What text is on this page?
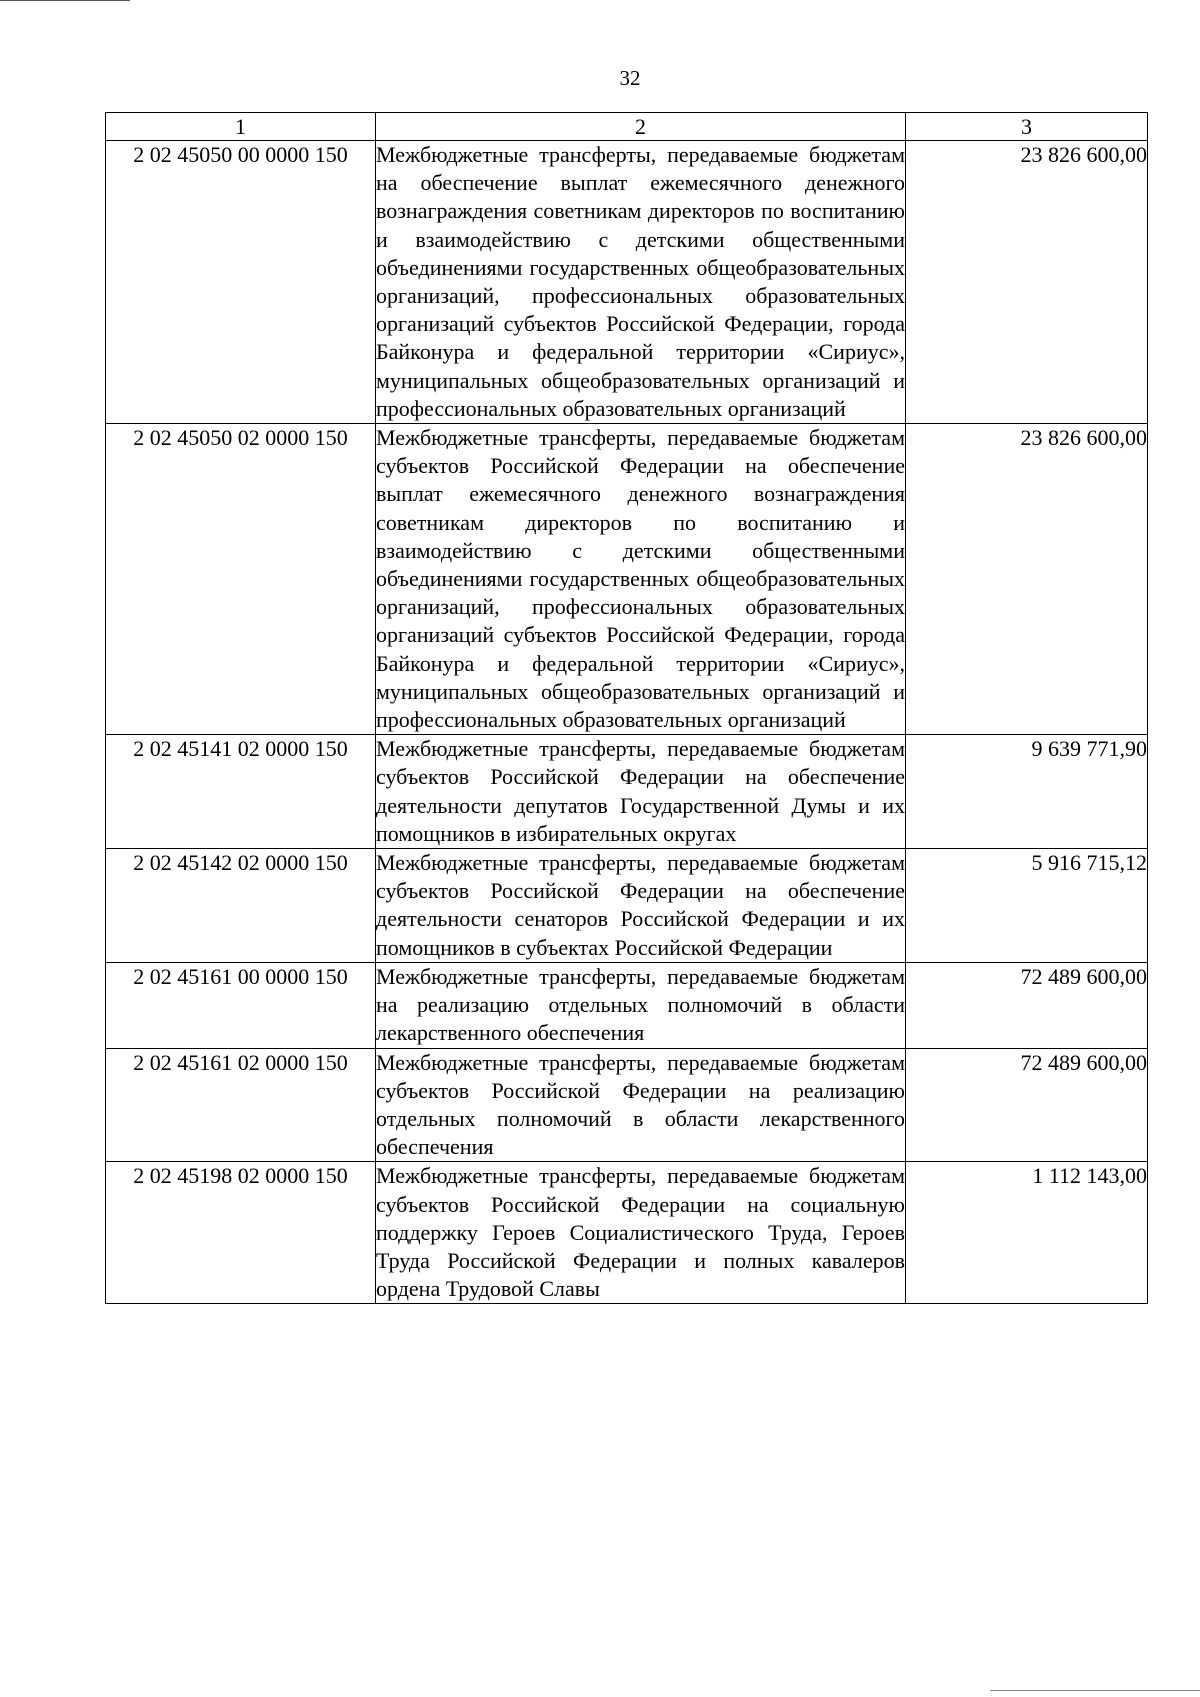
32
1	2	3
2 02 45050 00 0000 150	Межбюджетные трансферты, передаваемые бюджетам на обеспечение выплат ежемесячного денежного вознаграждения советникам директоров по воспитанию и взаимодействию с детскими общественными объединениями государственных общеобразовательных организаций, профессиональных образовательных организаций субъектов Российской Федерации, города Байконура и федеральной территории «Сириус», муниципальных общеобразовательных организаций и профессиональных образовательных организаций	23 826 600,00
2 02 45050 02 0000 150	Межбюджетные трансферты, передаваемые бюджетам субъектов Российской Федерации на обеспечение выплат ежемесячного денежного вознаграждения советникам директоров по воспитанию и взаимодействию с детскими общественными объединениями государственных общеобразовательных организаций, профессиональных образовательных организаций субъектов Российской Федерации, города Байконура и федеральной территории «Сириус», муниципальных общеобразовательных организаций и профессиональных образовательных организаций	23 826 600,00
2 02 45141 02 0000 150	Межбюджетные трансферты, передаваемые бюджетам субъектов Российской Федерации на обеспечение деятельности депутатов Государственной Думы и их помощников в избирательных округах	9 639 771,90
2 02 45142 02 0000 150	Межбюджетные трансферты, передаваемые бюджетам субъектов Российской Федерации на обеспечение деятельности сенаторов Российской Федерации и их помощников в субъектах Российской Федерации	5 916 715,12
2 02 45161 00 0000 150	Межбюджетные трансферты, передаваемые бюджетам на реализацию отдельных полномочий в области лекарственного обеспечения	72 489 600,00
2 02 45161 02 0000 150	Межбюджетные трансферты, передаваемые бюджетам субъектов Российской Федерации на реализацию отдельных полномочий в области лекарственного обеспечения	72 489 600,00
2 02 45198 02 0000 150	Межбюджетные трансферты, передаваемые бюджетам субъектов Российской Федерации на социальную поддержку Героев Социалистического Труда, Героев Труда Российской Федерации и полных кавалеров ордена Трудовой Славы	1 112 143,00
